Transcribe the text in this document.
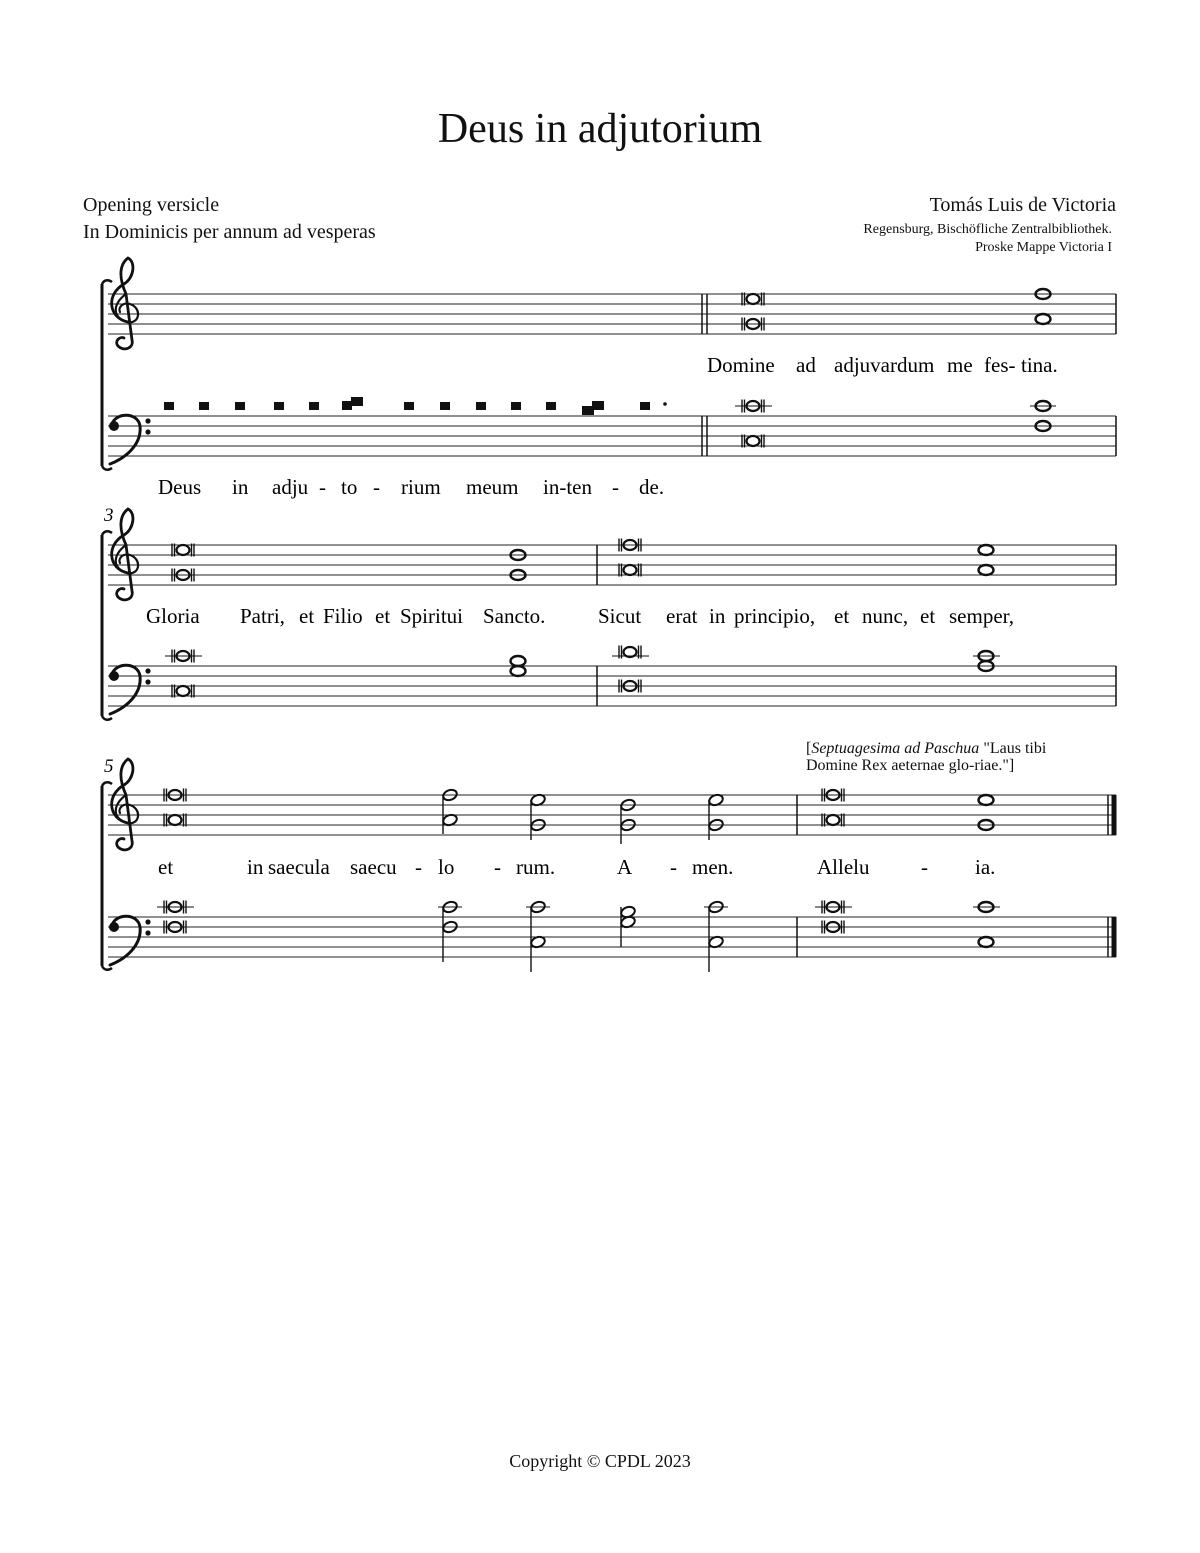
Deus in adjutorium
Opening versicle
In Dominicis per annum ad vesperas
Tomás Luis de Victoria
Regensburg, Bischöfliche Zentralbibliothek.
Proske Mappe Victoria I
[Septuagesima ad Paschua "Laus tibi
Domine Rex aeternae glo-riae."]
3
5
Domine ad adjuvardum me fes- tina.
Deus in adju - to - rium meum in-ten - de.
Gloria Patri, et Filio et Spiritui Sancto.	Sicut erat in principio, et nunc, et semper,
et	in saecula saecu - lo - rum.	A - men.	Allelu - ia.
Copyright © CPDL 2023
